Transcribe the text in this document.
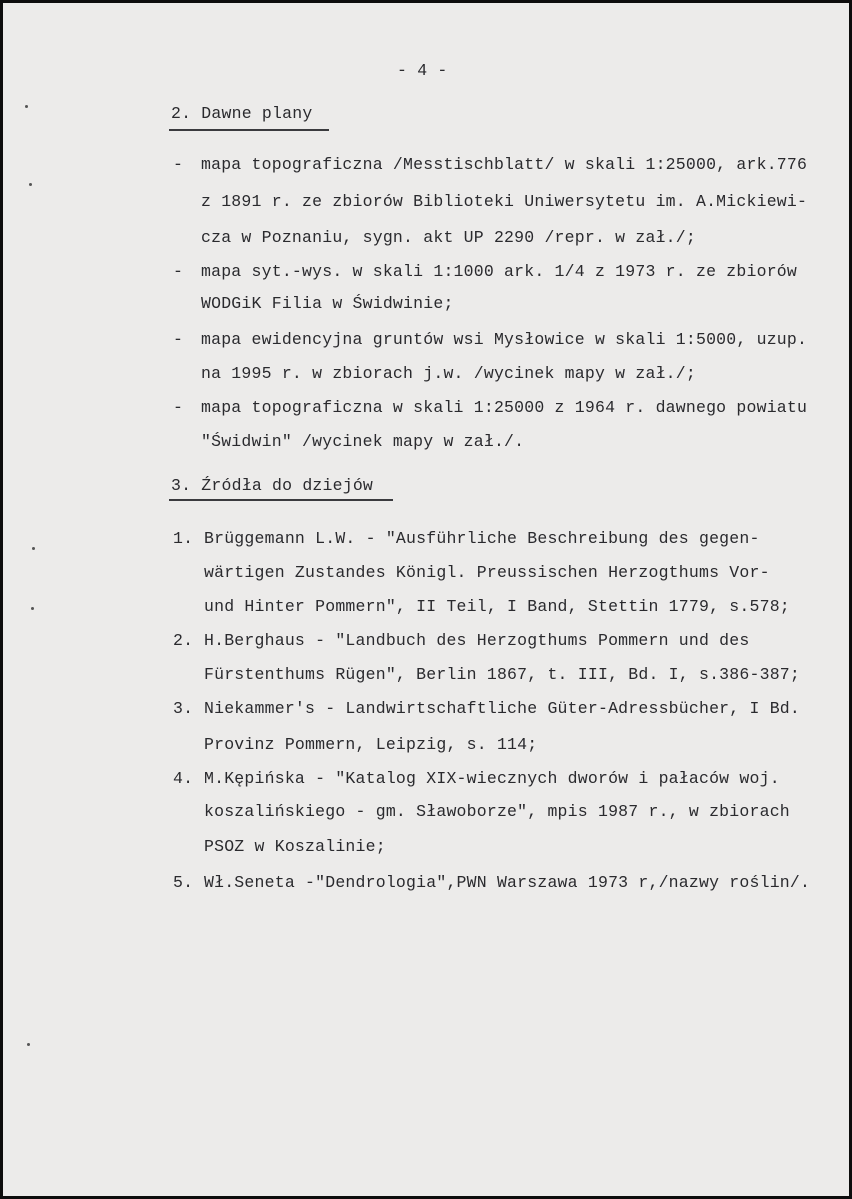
- 4 -
2. Dawne plany
- mapa topograficzna /Messtischblatt/ w skali 1:25000, ark.776
z 1891 r. ze zbiorów Biblioteki Uniwersytetu im. A.Mickiewi-
cza w Poznaniu, sygn. akt UP 2290 /repr. w zał./;
- mapa syt.-wys. w skali 1:1000 ark. 1/4 z 1973 r. ze zbiorów
WODGiK Filia w Świdwinie;
- mapa ewidencyjna gruntów wsi Mysłowice w skali 1:5000, uzup.
na 1995 r. w zbiorach j.w. /wycinek mapy w zał./;
- mapa topograficzna w skali 1:25000 z 1964 r. dawnego powiatu
"Świdwin" /wycinek mapy w zał./.
3. Źródła do dziejów
1. Brüggemann L.W. - "Ausführliche Beschreibung des gegen-
wärtigen Zustandes Königl. Preussischen Herzogthums Vor-
und Hinter Pommern", II Teil, I Band, Stettin 1779, s.578;
2. H.Berghaus - "Landbuch des Herzogthums Pommern und des
Fürstenthums Rügen", Berlin 1867, t. III, Bd. I, s.386-387;
3. Niekammer's - Landwirtschaftliche Güter-Adressbücher, I Bd.
Provinz Pommern, Leipzig, s. 114;
4. M.Kępińska - "Katalog XIX-wiecznych dworów i pałaców woj.
koszalińskiego - gm. Sławoborze", mpis 1987 r., w zbiorach
PSOZ w Koszalinie;
5. Wł.Seneta -"Dendrologia",PWN Warszawa 1973 r,/nazwy roślin/.
